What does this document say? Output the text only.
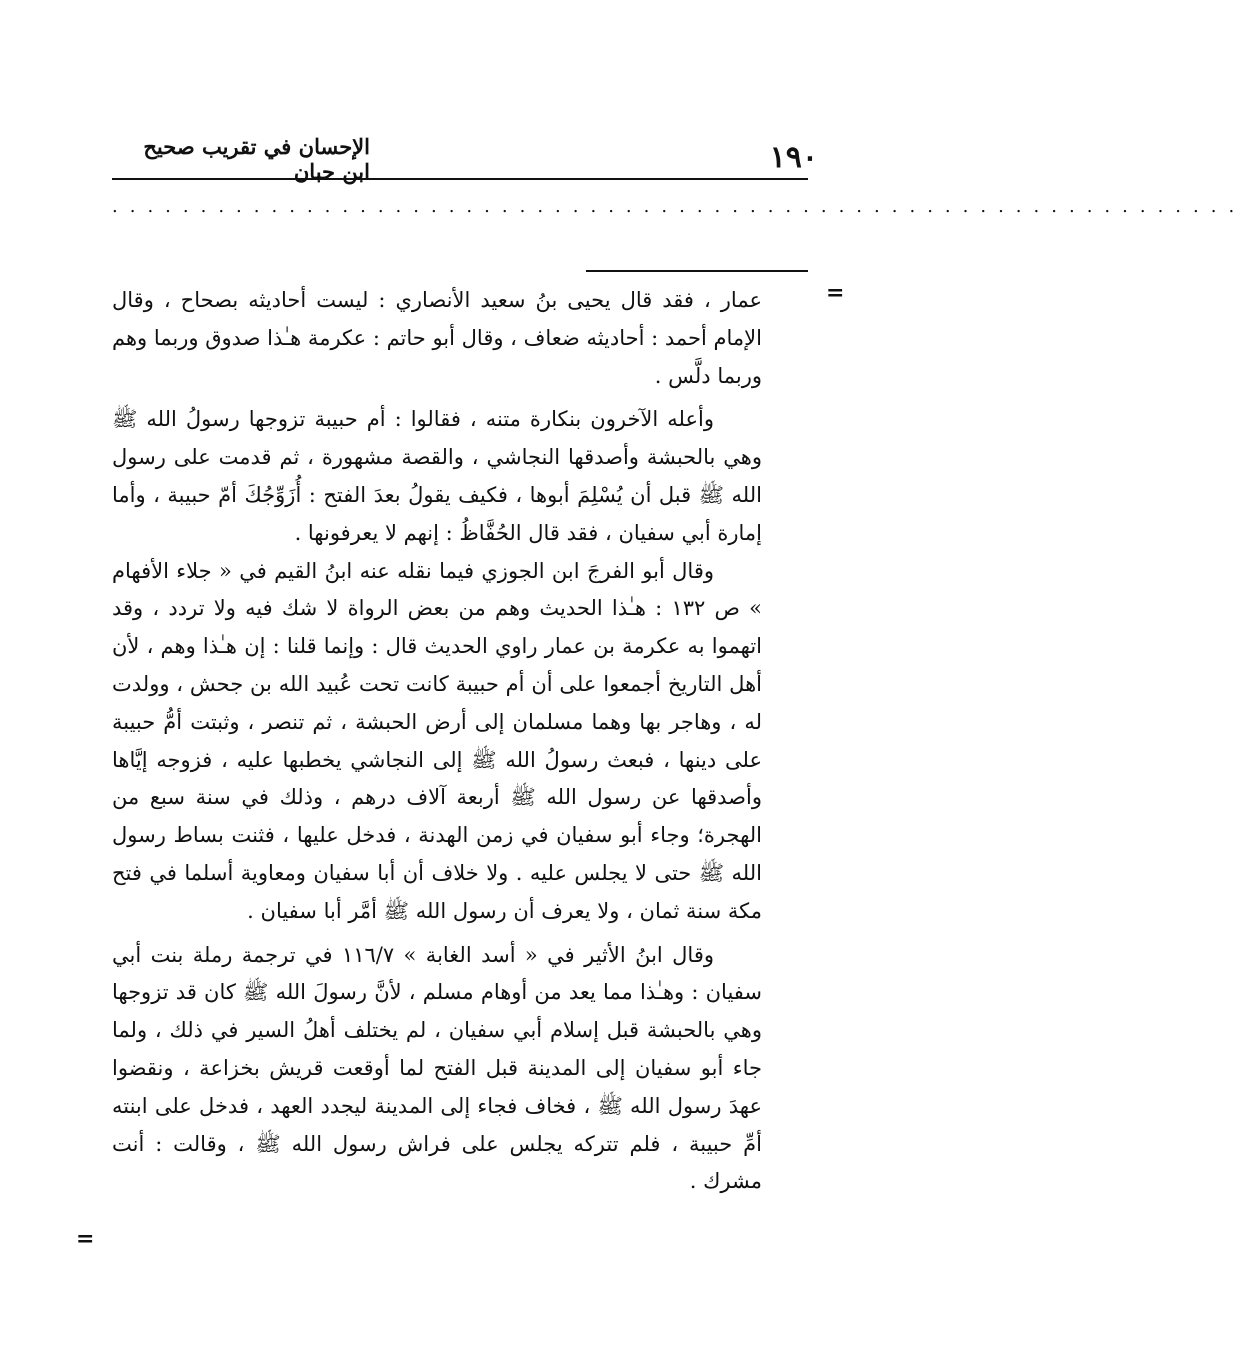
١٩٠
الإحسان في تقريب صحيح ابن حبان
................................................................
=
=

عمار ، فقد قال يحيى بنُ سعيد الأنصاري : ليست أحاديثه بصحاح ، وقال الإمام أحمد : أحاديثه ضعاف ، وقال أبو حاتم : عكرمة هـٰذا صدوق وربما وهم وربما دلَّس .

وأعله الآخرون بنكارة متنه ، فقالوا : أم حبيبة تزوجها رسولُ الله ﷺ وهي بالحبشة وأصدقها النجاشي ، والقصة مشهورة ، ثم قدمت على رسول الله ﷺ قبل أن يُسْلِمَ أبوها ، فكيف يقولُ بعدَ الفتح : أُزَوِّجُكَ أمّ حبيبة ، وأما إمارة أبي سفيان ، فقد قال الحُفَّاظُ : إنهم لا يعرفونها .

وقال أبو الفرجَ ابن الجوزي فيما نقله عنه ابنُ القيم في « جلاء الأفهام » ص ١٣٢ : هـٰذا الحديث وهم من بعض الرواة لا شك فيه ولا تردد ، وقد اتهموا به عكرمة بن عمار راوي الحديث قال : وإنما قلنا : إن هـٰذا وهم ، لأن أهل التاريخ أجمعوا على أن أم حبيبة كانت تحت عُبيد الله بن جحش ، وولدت له ، وهاجر بها وهما مسلمان إلى أرض الحبشة ، ثم تنصر ، وثبتت أمُّ حبيبة على دينها ، فبعث رسولُ الله ﷺ إلى النجاشي يخطبها عليه ، فزوجه إيَّاها وأصدقها عن رسول الله ﷺ أربعة آلاف درهم ، وذلك في سنة سبع من الهجرة؛ وجاء أبو سفيان في زمن الهدنة ، فدخل عليها ، فثنت بساط رسول الله ﷺ حتى لا يجلس عليه . ولا خلاف أن أبا سفيان ومعاوية أسلما في فتح مكة سنة ثمان ، ولا يعرف أن رسول الله ﷺ أمَّر أبا سفيان .

وقال ابنُ الأثير في « أسد الغابة » ١١٦/٧ في ترجمة رملة بنت أبي سفيان : وهـٰذا مما يعد من أوهام مسلم ، لأنَّ رسولَ الله ﷺ كان قد تزوجها وهي بالحبشة قبل إسلام أبي سفيان ، لم يختلف أهلُ السير في ذلك ، ولما جاء أبو سفيان إلى المدينة قبل الفتح لما أوقعت قريش بخزاعة ، ونقضوا عهدَ رسول الله ﷺ ، فخاف فجاء إلى المدينة ليجدد العهد ، فدخل على ابنته أمِّ حبيبة ، فلم تتركه يجلس على فراش رسول الله ﷺ ، وقالت : أنت مشرك .
